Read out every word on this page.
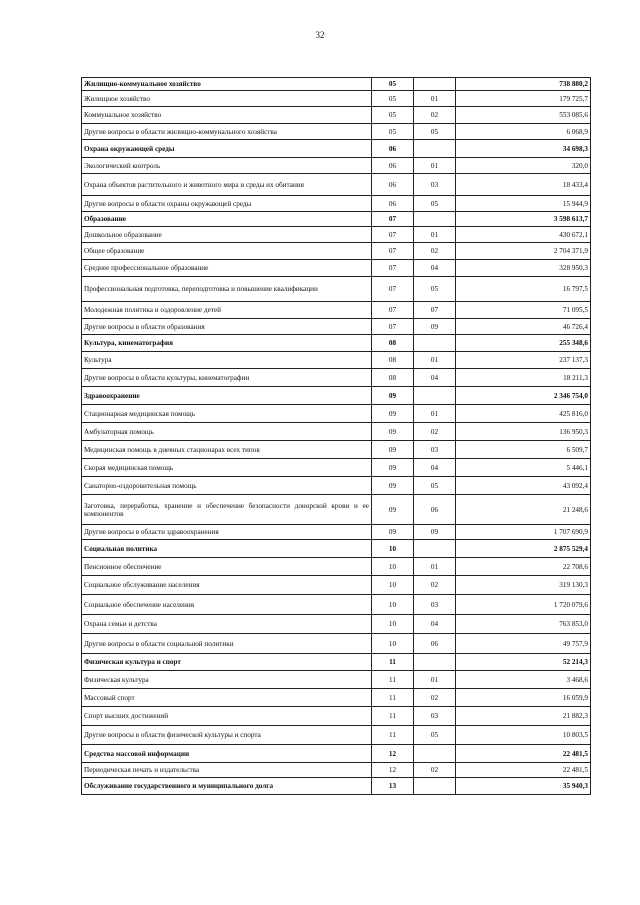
32
Жилищно-коммунальное хозяйство	05		738 880,2
Жилищное хозяйство	05	01	179 725,7
Коммунальное хозяйство	05	02	553 085,6
Другие вопросы в области жилищно-коммунального хозяйства	05	05	6 068,9
Охрана окружающей среды	06		34 698,3
Экологический контроль	06	01	320,0
Охрана объектов растительного и животного мира и среды их обитания	06	03	18 433,4
Другие вопросы в области охраны окружающей среды	06	05	15 944,9
Образование	07		3 598 613,7
Дошкольное образование	07	01	430 672,1
Общее образование	07	02	2 704 371,9
Среднее профессиональное образование	07	04	328 950,3
Профессиональная подготовка, переподготовка и повышение квалификации	07	05	16 797,5
Молодежная политика и оздоровление детей	07	07	71 095,5
Другие вопросы в области образования	07	09	46 726,4
Культура, кинематография	08		255 348,6
Культура	08	01	237 137,3
Другие вопросы в области культуры, кинематографии	08	04	18 211,3
Здравоохранение	09		2 346 754,0
Стационарная медицинская помощь	09	01	425 816,0
Амбулаторная помощь	09	02	136 950,3
Медицинская помощь в дневных стационарах всех типов	09	03	6 509,7
Скорая медицинская помощь	09	04	5 446,1
Санаторно-оздоровительная помощь	09	05	43 092,4
Заготовка, переработка, хранение и обеспечение безопасности донорской крови и ее компонентов	09	06	21 248,6
Другие вопросы в области здравоохранения	09	09	1 707 690,9
Социальная политика	10		2 875 529,4
Пенсионное обеспечение	10	01	22 708,6
Социальное обслуживание населения	10	02	319 130,3
Социальное обеспечение населения	10	03	1 720 079,6
Охрана семьи и детства	10	04	763 853,0
Другие вопросы в области социальной политики	10	06	49 757,9
Физическая культура и спорт	11		52 214,3
Физическая культура	11	01	3 468,6
Массовый спорт	11	02	16 059,9
Спорт высших достижений	11	03	21 882,3
Другие вопросы в области физической культуры и спорта	11	05	10 803,5
Средства массовой информации	12		22 481,5
Периодическая печать и издательства	12	02	22 481,5
Обслуживание государственного и муниципального долга	13		35 940,3
